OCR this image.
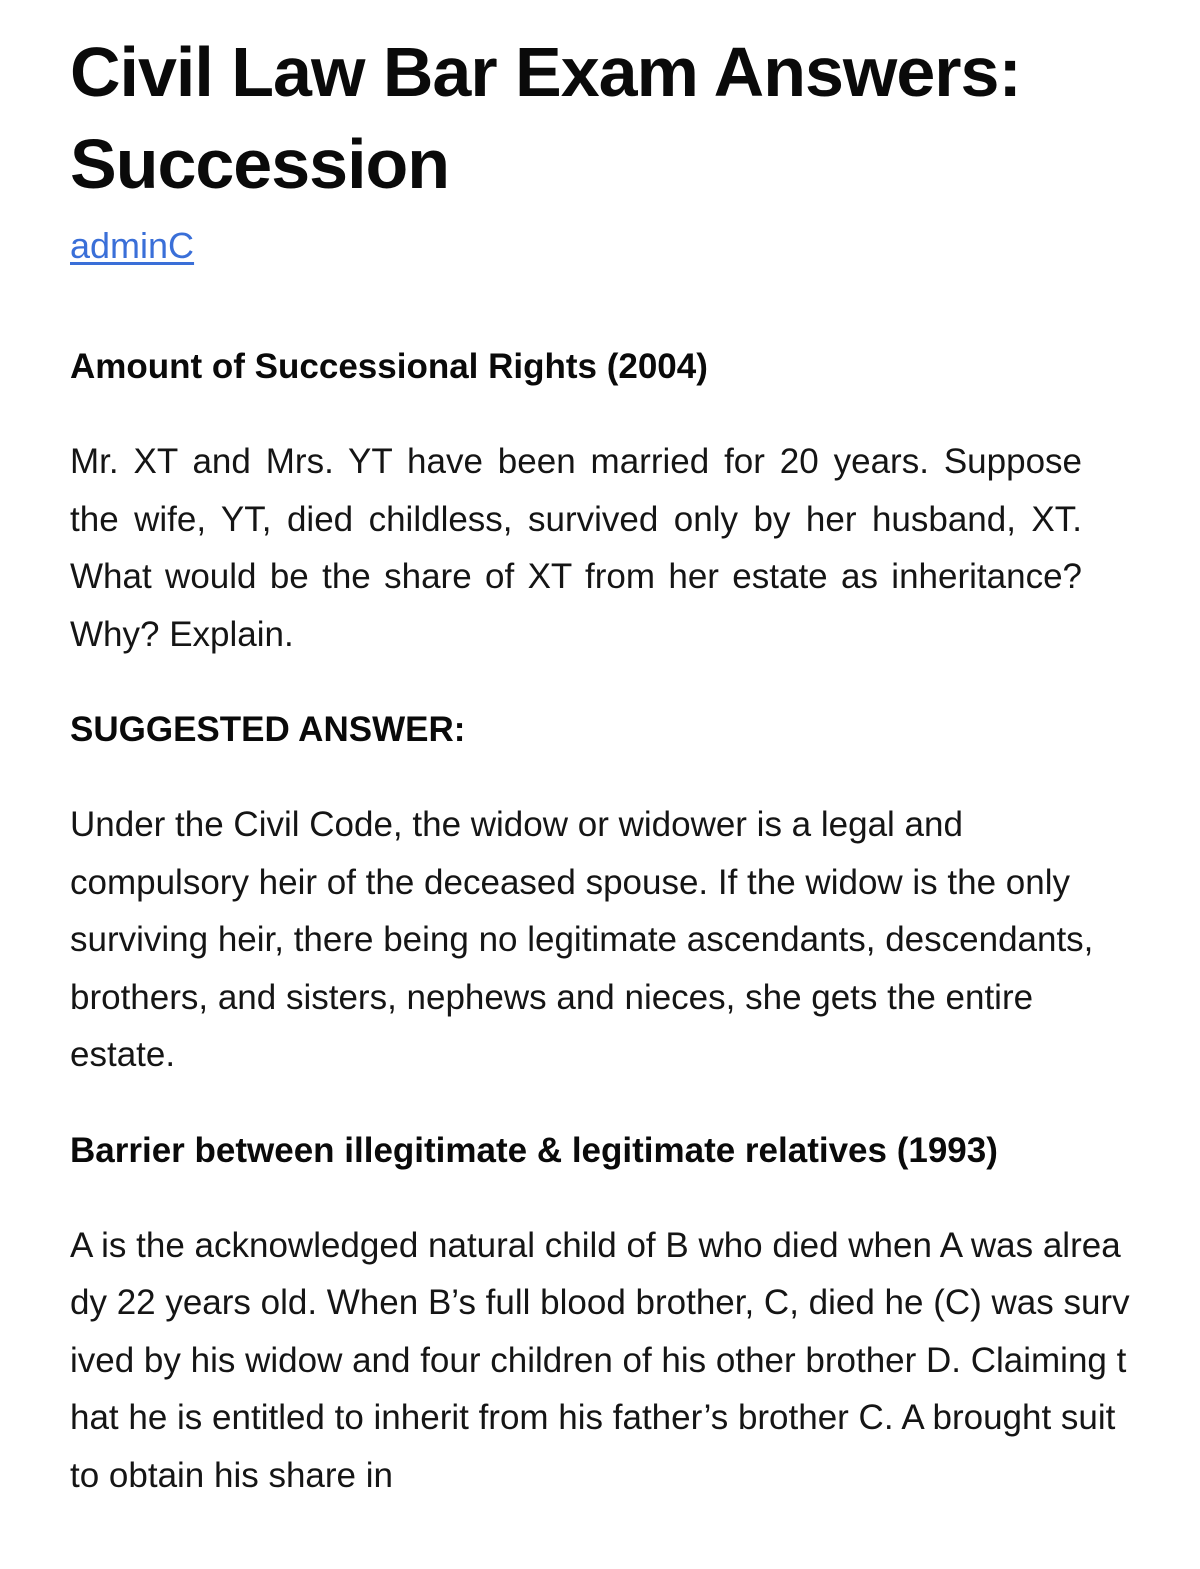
Civil Law Bar Exam Answers: Succession
adminC
Amount of Successional Rights (2004)

Mr. XT and Mrs. YT have been married for 20 years. Suppose the wife, YT, died childless, survived only by her husband, XT. What would be the share of XT from her estate as inheritance? Why? Explain.

SUGGESTED ANSWER:

Under the Civil Code, the widow or widower is a legal and compulsory heir of the deceased spouse. If the widow is the only surviving heir, there being no legitimate ascendants, descendants, brothers, and sisters, nephews and nieces, she gets the entire estate.

Barrier between illegitimate & legitimate relatives (1993)

A is the acknowledged natural child of B who died when A was already 22 years old. When B’s full blood brother, C, died he (C) was survived by his widow and four children of his other brother D. Claiming that he is entitled to inherit from his father’s brother C. A brought suit to obtain his share in
